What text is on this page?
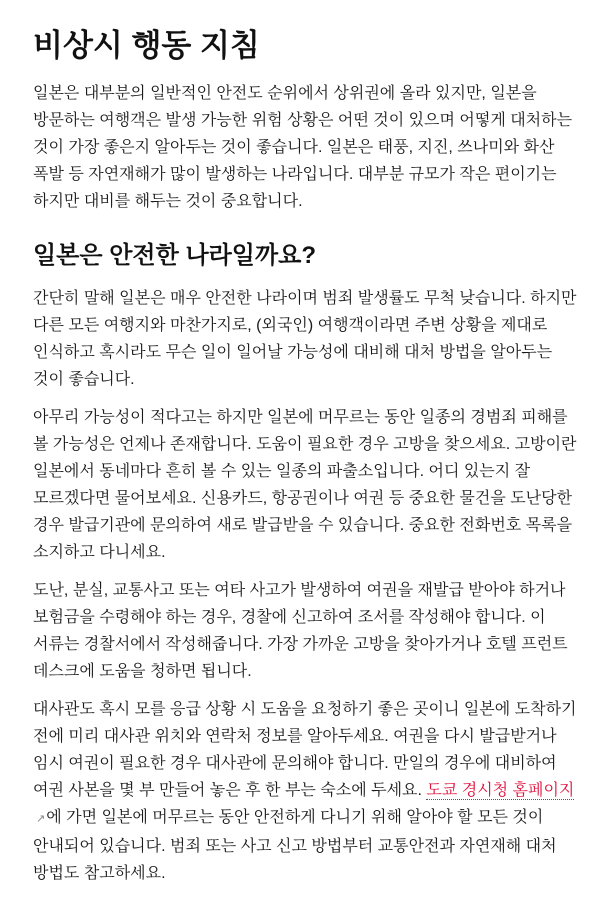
비상시 행동 지침

일본은 대부분의 일반적인 안전도 순위에서 상위권에 올라 있지만, 일본을 방문하는 여행객은 발생 가능한 위험 상황은 어떤 것이 있으며 어떻게 대처하는 것이 가장 좋은지 알아두는 것이 좋습니다. 일본은 태풍, 지진, 쓰나미와 화산 폭발 등 자연재해가 많이 발생하는 나라입니다. 대부분 규모가 작은 편이기는 하지만 대비를 해두는 것이 중요합니다.

일본은 안전한 나라일까요?

간단히 말해 일본은 매우 안전한 나라이며 범죄 발생률도 무척 낮습니다. 하지만 다른 모든 여행지와 마찬가지로, (외국인) 여행객이라면 주변 상황을 제대로 인식하고 혹시라도 무슨 일이 일어날 가능성에 대비해 대처 방법을 알아두는 것이 좋습니다.

아무리 가능성이 적다고는 하지만 일본에 머무르는 동안 일종의 경범죄 피해를 볼 가능성은 언제나 존재합니다. 도움이 필요한 경우 고방을 찾으세요. 고방이란 일본에서 동네마다 흔히 볼 수 있는 일종의 파출소입니다. 어디 있는지 잘 모르겠다면 물어보세요. 신용카드, 항공권이나 여권 등 중요한 물건을 도난당한 경우 발급기관에 문의하여 새로 발급받을 수 있습니다. 중요한 전화번호 목록을 소지하고 다니세요.

도난, 분실, 교통사고 또는 여타 사고가 발생하여 여권을 재발급 받아야 하거나 보험금을 수령해야 하는 경우, 경찰에 신고하여 조서를 작성해야 합니다. 이 서류는 경찰서에서 작성해줍니다. 가장 가까운 고방을 찾아가거나 호텔 프런트 데스크에 도움을 청하면 됩니다.

대사관도 혹시 모를 응급 상황 시 도움을 요청하기 좋은 곳이니 일본에 도착하기 전에 미리 대사관 위치와 연락처 정보를 알아두세요. 여권을 다시 발급받거나 임시 여권이 필요한 경우 대사관에 문의해야 합니다. 만일의 경우에 대비하여 여권 사본을 몇 부 만들어 놓은 후 한 부는 숙소에 두세요. 도쿄 경시청 홈페이지↗에 가면 일본에 머무르는 동안 안전하게 다니기 위해 알아야 할 모든 것이 안내되어 있습니다. 범죄 또는 사고 신고 방법부터 교통안전과 자연재해 대처 방법도 참고하세요.
